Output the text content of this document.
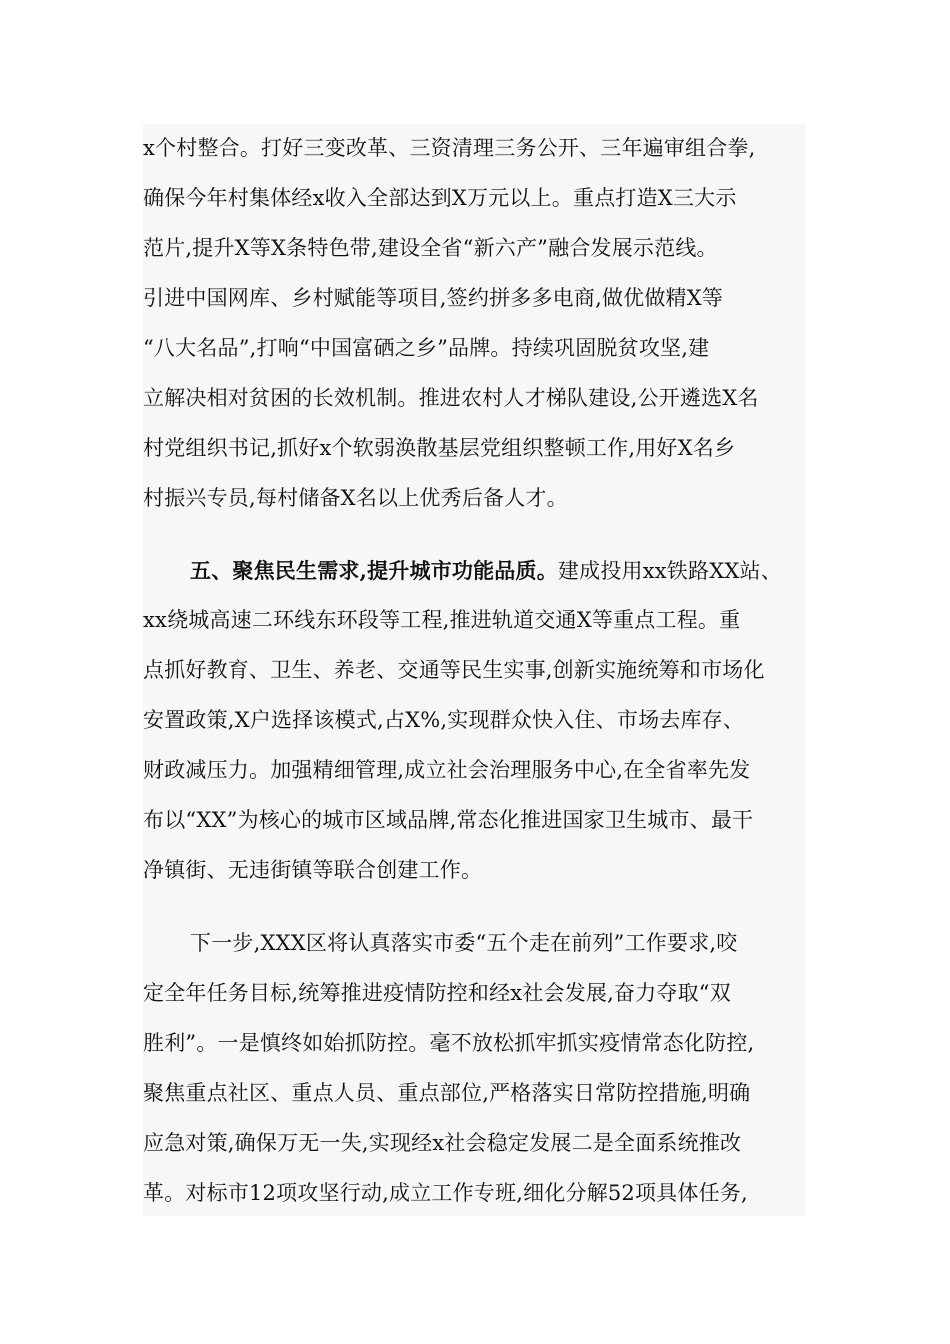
x个村整合。打好三变改革、三资清理三务公开、三年遍审组合拳,
确保今年村集体经x收入全部达到X万元以上。重点打造X三大示
范片,提升X等X条特色带,建设全省“新六产”融合发展示范线。
引进中国网库、乡村赋能等项目,签约拼多多电商,做优做精X等
“八大名品”,打响“中国富硒之乡”品牌。持续巩固脱贫攻坚,建
立解决相对贫困的长效机制。推进农村人才梯队建设,公开遴选X名
村党组织书记,抓好x个软弱涣散基层党组织整顿工作,用好X名乡
村振兴专员,每村储备X名以上优秀后备人才。
五、聚焦民生需求,提升城市功能品质。建成投用xx铁路XX站、
xx绕城高速二环线东环段等工程,推进轨道交通X等重点工程。重
点抓好教育、卫生、养老、交通等民生实事,创新实施统筹和市场化
安置政策,X户选择该模式,占X%,实现群众快入住、市场去库存、
财政减压力。加强精细管理,成立社会治理服务中心,在全省率先发
布以“XX”为核心的城市区域品牌,常态化推进国家卫生城市、最干
净镇街、无违街镇等联合创建工作。
下一步,XXX区将认真落实市委“五个走在前列”工作要求,咬
定全年任务目标,统筹推进疫情防控和经x社会发展,奋力夺取“双
胜利”。一是慎终如始抓防控。毫不放松抓牢抓实疫情常态化防控,
聚焦重点社区、重点人员、重点部位,严格落实日常防控措施,明确
应急对策,确保万无一失,实现经x社会稳定发展二是全面系统推改
革。对标市12项攻坚行动,成立工作专班,细化分解52项具体任务,
